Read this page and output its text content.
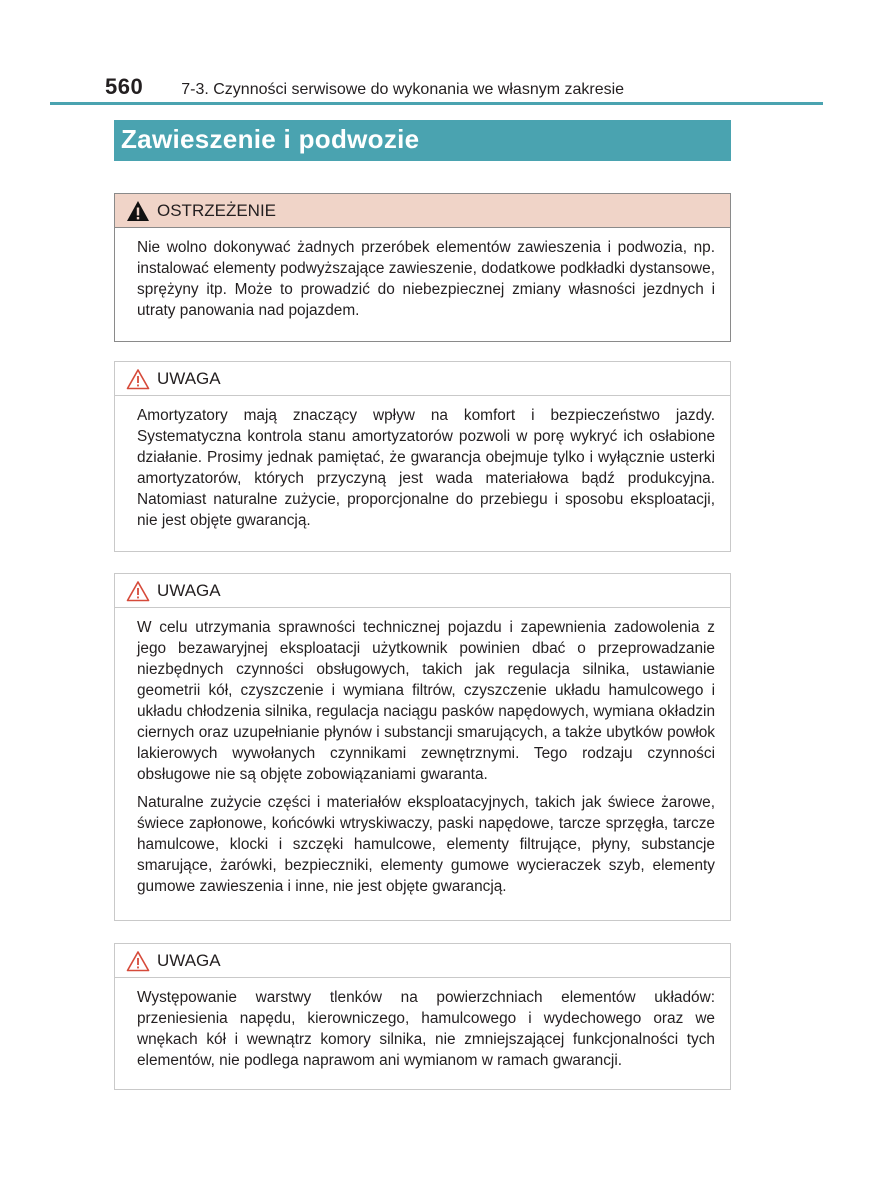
560 7-3. Czynności serwisowe do wykonania we własnym zakresie
Zawieszenie i podwozie
OSTRZEŻENIE

Nie wolno dokonywać żadnych przeróbek elementów zawieszenia i podwozia, np. instalować elementy podwyższające zawieszenie, dodatkowe podkładki dystansowe, sprężyny itp. Może to prowadzić do niebezpiecznej zmiany własności jezdnych i utraty panowania nad pojazdem.

UWAGA

Amortyzatory mają znaczący wpływ na komfort i bezpieczeństwo jazdy. Systematyczna kontrola stanu amortyzatorów pozwoli w porę wykryć ich osłabione działanie. Prosimy jednak pamiętać, że gwarancja obejmuje tylko i wyłącznie usterki amortyzatorów, których przyczyną jest wada materiałowa bądź produkcyjna. Natomiast naturalne zużycie, proporcjonalne do przebiegu i sposobu eksploatacji, nie jest objęte gwarancją.

UWAGA

W celu utrzymania sprawności technicznej pojazdu i zapewnienia zadowolenia z jego bezawaryjnej eksploatacji użytkownik powinien dbać o przeprowadzanie niezbędnych czynności obsługowych, takich jak regulacja silnika, ustawianie geometrii kół, czyszczenie i wymiana filtrów, czyszczenie układu hamulcowego i układu chłodzenia silnika, regulacja naciągu pasków napędowych, wymiana okładzin ciernych oraz uzupełnianie płynów i substancji smarujących, a także ubytków powłok lakierowych wywołanych czynnikami zewnętrznymi. Tego rodzaju czynności obsługowe nie są objęte zobowiązaniami gwaranta.

Naturalne zużycie części i materiałów eksploatacyjnych, takich jak świece żarowe, świece zapłonowe, końcówki wtryskiwaczy, paski napędowe, tarcze sprzęgła, tarcze hamulcowe, klocki i szczęki hamulcowe, elementy filtrujące, płyny, substancje smarujące, żarówki, bezpieczniki, elementy gumowe wycieraczek szyb, elementy gumowe zawieszenia i inne, nie jest objęte gwarancją.

UWAGA

Występowanie warstwy tlenków na powierzchniach elementów układów: przeniesienia napędu, kierowniczego, hamulcowego i wydechowego oraz we wnękach kół i wewnątrz komory silnika, nie zmniejszającej funkcjonalności tych elementów, nie podlega naprawom ani wymianom w ramach gwarancji.
